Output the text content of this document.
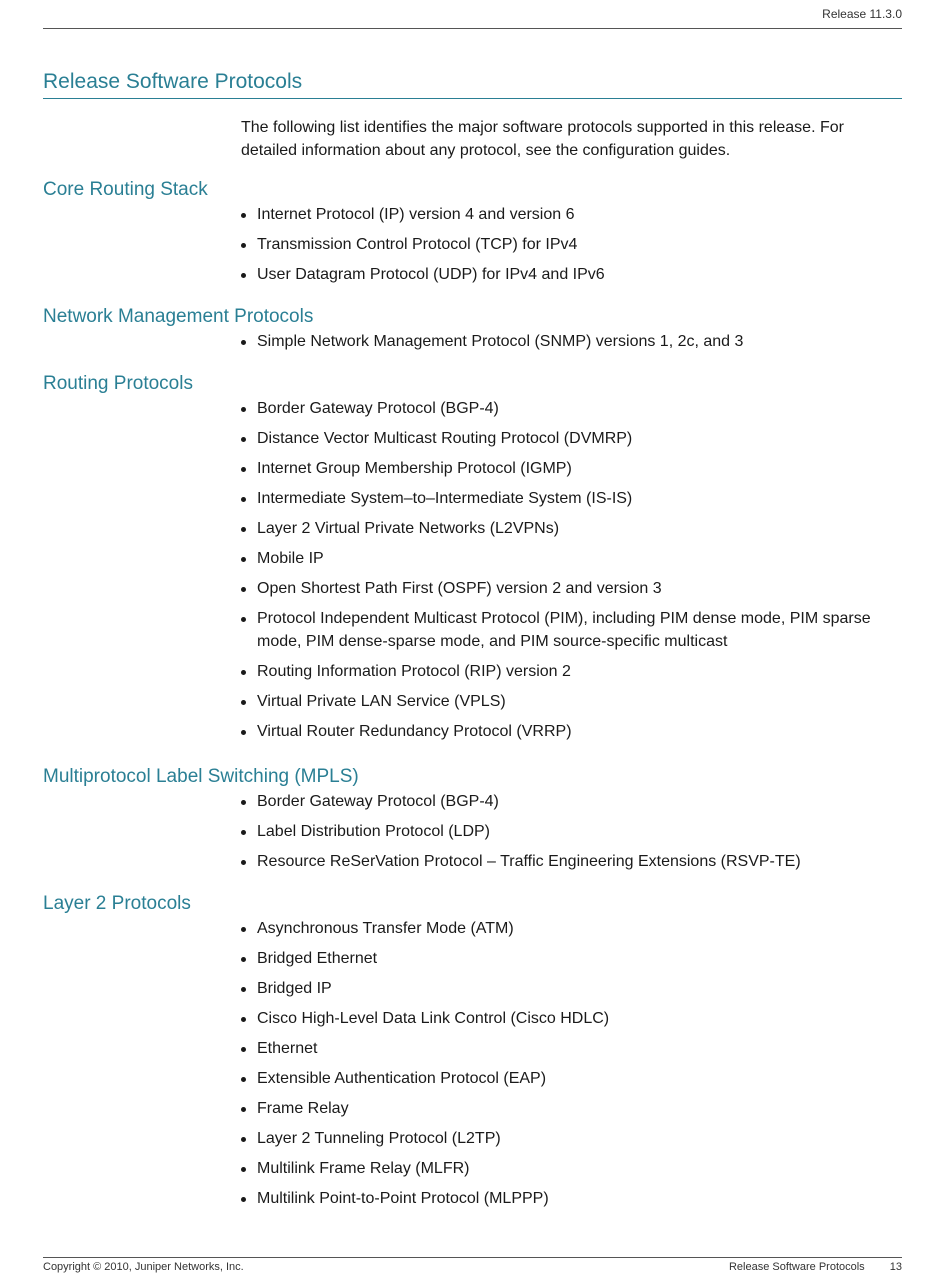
Release 11.3.0
Release Software Protocols

The following list identifies the major software protocols supported in this release. For detailed information about any protocol, see the configuration guides.

Core Routing Stack
Internet Protocol (IP) version 4 and version 6
Transmission Control Protocol (TCP) for IPv4
User Datagram Protocol (UDP) for IPv4 and IPv6
Network Management Protocols
Simple Network Management Protocol (SNMP) versions 1, 2c, and 3
Routing Protocols
Border Gateway Protocol (BGP-4)
Distance Vector Multicast Routing Protocol (DVMRP)
Internet Group Membership Protocol (IGMP)
Intermediate System–to–Intermediate System (IS-IS)
Layer 2 Virtual Private Networks (L2VPNs)
Mobile IP
Open Shortest Path First (OSPF) version 2 and version 3
Protocol Independent Multicast Protocol (PIM), including PIM dense mode, PIM sparse mode, PIM dense-sparse mode, and PIM source-specific multicast
Routing Information Protocol (RIP) version 2
Virtual Private LAN Service (VPLS)
Virtual Router Redundancy Protocol (VRRP)
Multiprotocol Label Switching (MPLS)
Border Gateway Protocol (BGP-4)
Label Distribution Protocol (LDP)
Resource ReSerVation Protocol – Traffic Engineering Extensions (RSVP-TE)
Layer 2 Protocols
Asynchronous Transfer Mode (ATM)
Bridged Ethernet
Bridged IP
Cisco High-Level Data Link Control (Cisco HDLC)
Ethernet
Extensible Authentication Protocol (EAP)
Frame Relay
Layer 2 Tunneling Protocol (L2TP)
Multilink Frame Relay (MLFR)
Multilink Point-to-Point Protocol (MLPPP)
Copyright © 2010, Juniper Networks, Inc.	Release Software Protocols 13
